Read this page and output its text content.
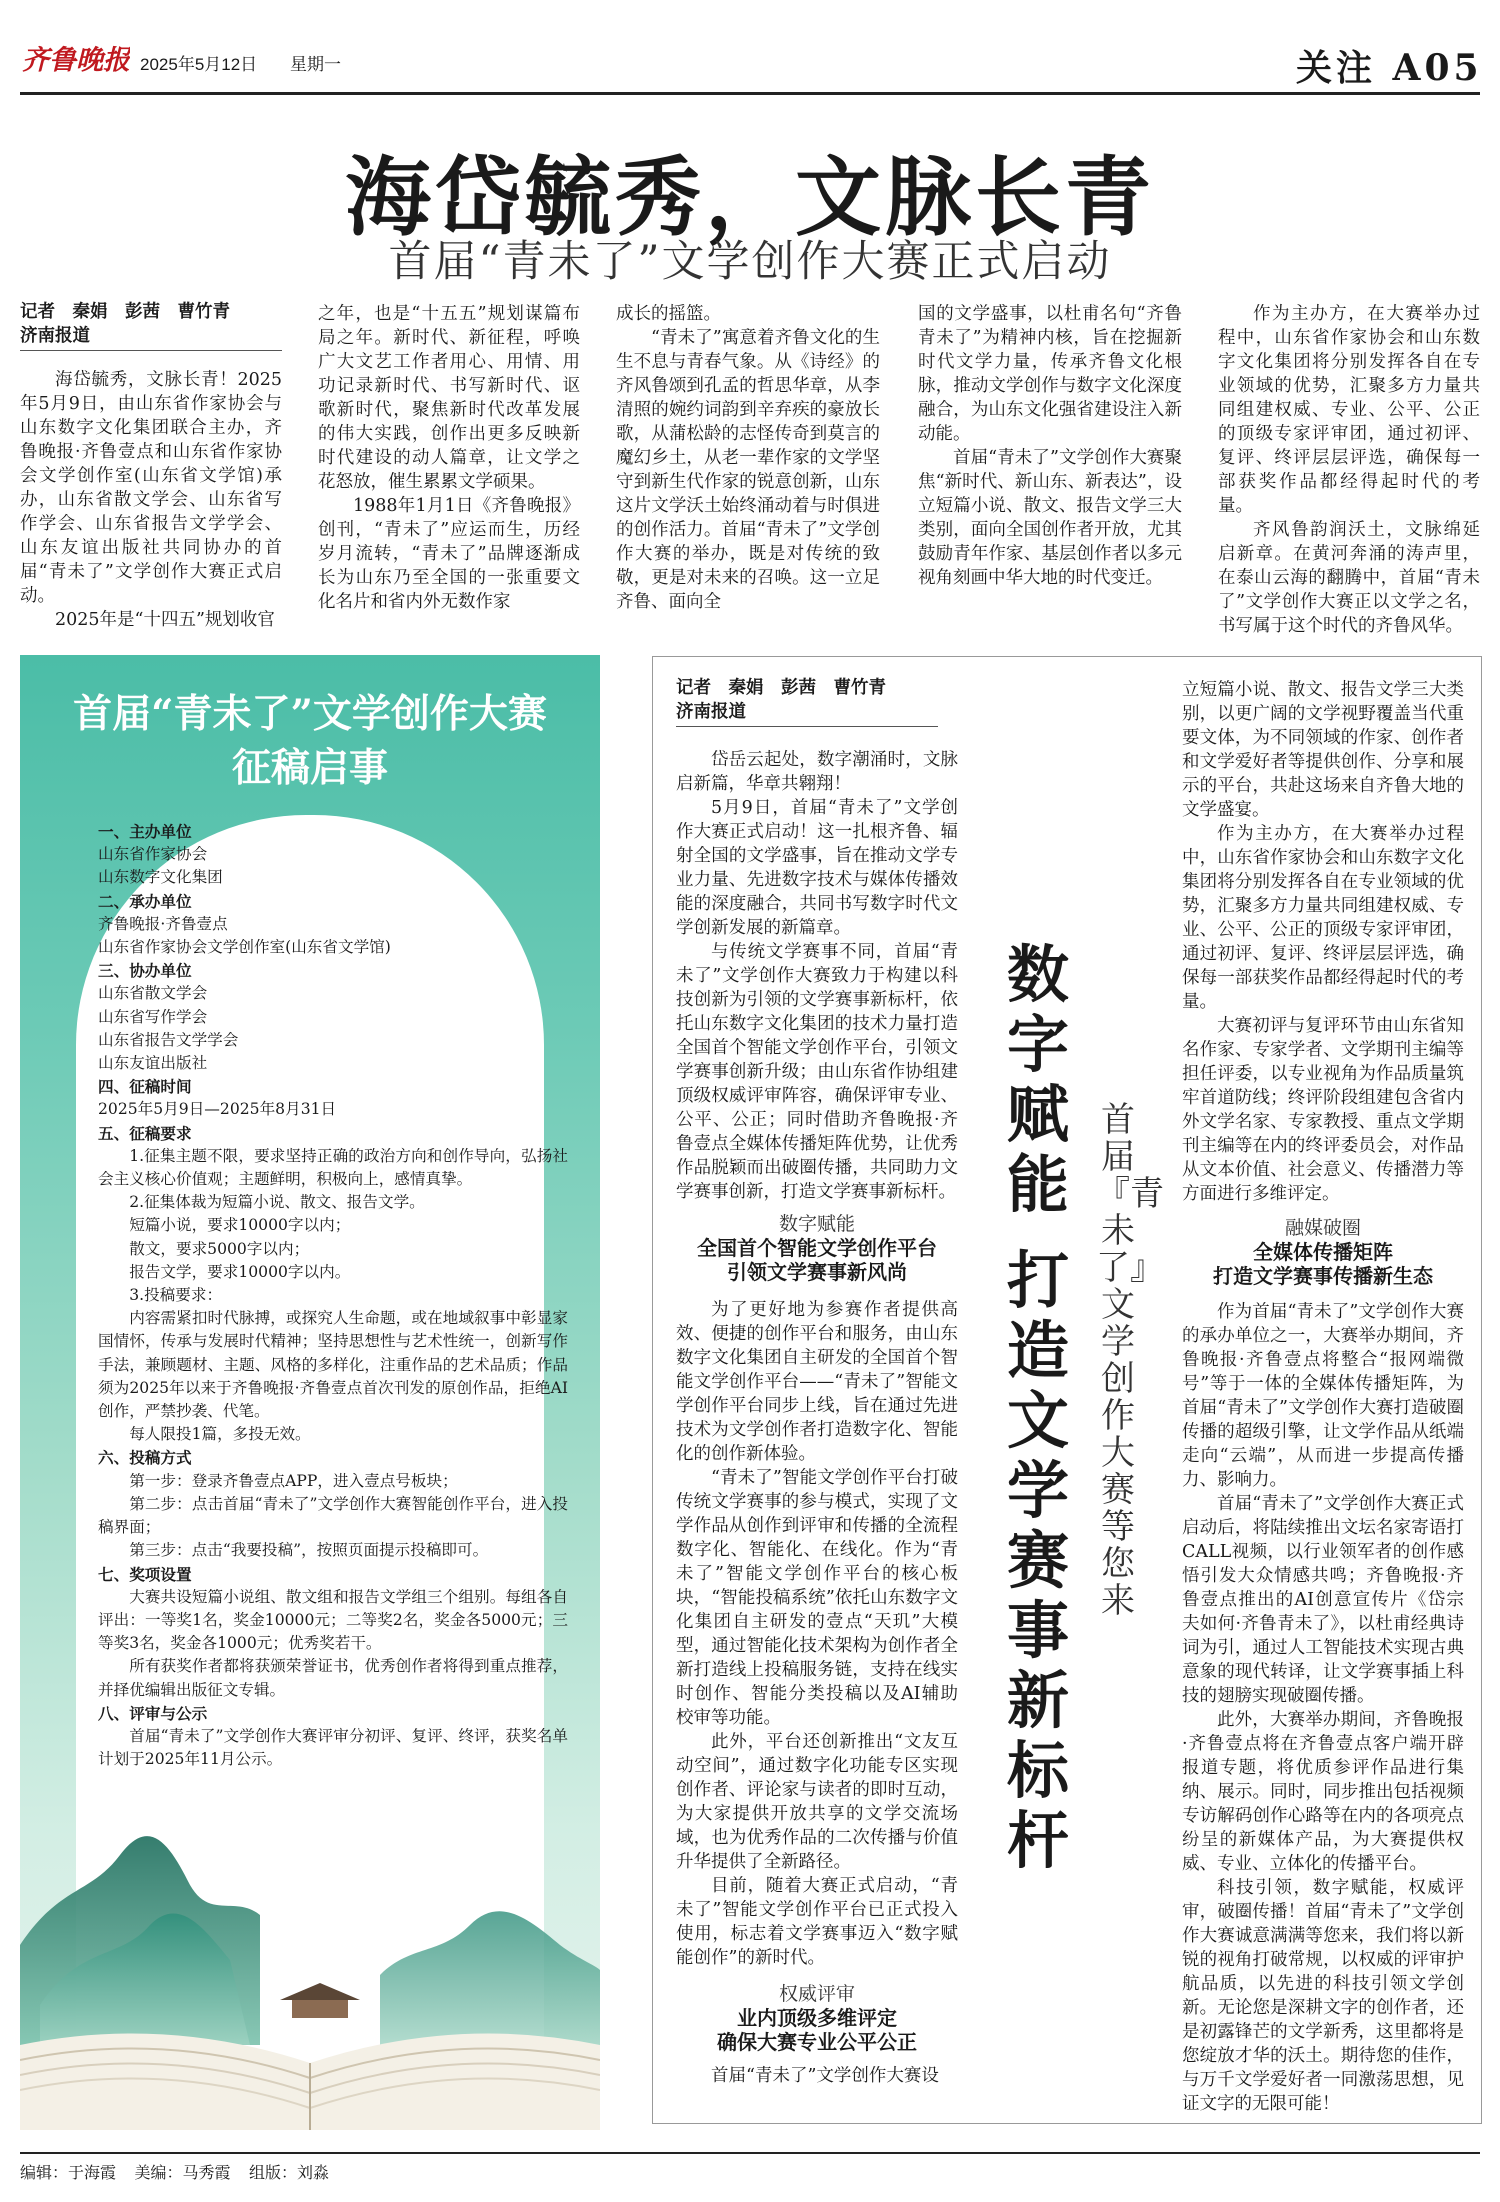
齐鲁晚报 2025年5月12日 星期一	关注 A05
海岱毓秀，文脉长青
首届“青未了”文学创作大赛正式启动
记者　秦娟　彭茜　曹竹青
济南报道

海岱毓秀，文脉长青！2025年5月9日，由山东省作家协会与山东数字文化集团联合主办，齐鲁晚报·齐鲁壹点和山东省作家协会文学创作室(山东省文学馆)承办，山东省散文学会、山东省写作学会、山东省报告文学学会、山东友谊出版社共同协办的首届“青未了”文学创作大赛正式启动。

2025年是“十四五”规划收官

之年，也是“十五五”规划谋篇布局之年。新时代、新征程，呼唤广大文艺工作者用心、用情、用功记录新时代、书写新时代、讴歌新时代，聚焦新时代改革发展的伟大实践，创作出更多反映新时代建设的动人篇章，让文学之花怒放，催生累累文学硕果。

1988年1月1日《齐鲁晚报》创刊，“青未了”应运而生，历经岁月流转，“青未了”品牌逐渐成长为山东乃至全国的一张重要文化名片和省内外无数作家

成长的摇篮。

“青未了”寓意着齐鲁文化的生生不息与青春气象。从《诗经》的齐风鲁颂到孔孟的哲思华章，从李清照的婉约词韵到辛弃疾的豪放长歌，从蒲松龄的志怪传奇到莫言的魔幻乡土，从老一辈作家的文学坚守到新生代作家的锐意创新，山东这片文学沃土始终涌动着与时俱进的创作活力。首届“青未了”文学创作大赛的举办，既是对传统的致敬，更是对未来的召唤。这一立足齐鲁、面向全

国的文学盛事，以杜甫名句“齐鲁青未了”为精神内核，旨在挖掘新时代文学力量，传承齐鲁文化根脉，推动文学创作与数字文化深度融合，为山东文化强省建设注入新动能。

首届“青未了”文学创作大赛聚焦“新时代、新山东、新表达”，设立短篇小说、散文、报告文学三大类别，面向全国创作者开放，尤其鼓励青年作家、基层创作者以多元视角刻画中华大地的时代变迁。

作为主办方，在大赛举办过程中，山东省作家协会和山东数字文化集团将分别发挥各自在专业领域的优势，汇聚多方力量共同组建权威、专业、公平、公正的顶级专家评审团，通过初评、复评、终评层层评选，确保每一部获奖作品都经得起时代的考量。

齐风鲁韵润沃土，文脉绵延启新章。在黄河奔涌的涛声里，在泰山云海的翻腾中，首届“青未了”文学创作大赛正以文学之名，书写属于这个时代的齐鲁风华。

首届“青未了”文学创作大赛
征稿启事
一、主办单位
山东省作家协会
山东数字文化集团
二、承办单位
齐鲁晚报·齐鲁壹点
山东省作家协会文学创作室(山东省文学馆)
三、协办单位
山东省散文学会
山东省写作学会
山东省报告文学学会
山东友谊出版社
四、征稿时间
2025年5月9日—2025年8月31日
五、征稿要求
1.征集主题不限，要求坚持正确的政治方向和创作导向，弘扬社会主义核心价值观；主题鲜明，积极向上，感情真挚。
2.征集体裁为短篇小说、散文、报告文学。
短篇小说，要求10000字以内；
散文，要求5000字以内；
报告文学，要求10000字以内。
3.投稿要求：
内容需紧扣时代脉搏，或探究人生命题，或在地域叙事中彰显家国情怀，传承与发展时代精神；坚持思想性与艺术性统一，创新写作手法，兼顾题材、主题、风格的多样化，注重作品的艺术品质；作品须为2025年以来于齐鲁晚报·齐鲁壹点首次刊发的原创作品，拒绝AI创作，严禁抄袭、代笔。
每人限投1篇，多投无效。
六、投稿方式
第一步：登录齐鲁壹点APP，进入壹点号板块；
第二步：点击首届“青未了”文学创作大赛智能创作平台，进入投稿界面；
第三步：点击“我要投稿”，按照页面提示投稿即可。
七、奖项设置
大赛共设短篇小说组、散文组和报告文学组三个组别。每组各自评出：一等奖1名，奖金10000元；二等奖2名，奖金各5000元；三等奖3名，奖金各1000元；优秀奖若干。
所有获奖作者都将获颁荣誉证书，优秀创作者将得到重点推荐，并择优编辑出版征文专辑。
八、评审与公示
首届“青未了”文学创作大赛评审分初评、复评、终评，获奖名单计划于2025年11月公示。
记者　秦娟　彭茜　曹竹青
济南报道

岱岳云起处，数字潮涌时，文脉启新篇，华章共翱翔！

5月9日，首届“青未了”文学创作大赛正式启动！这一扎根齐鲁、辐射全国的文学盛事，旨在推动文学专业力量、先进数字技术与媒体传播效能的深度融合，共同书写数字时代文学创新发展的新篇章。

与传统文学赛事不同，首届“青未了”文学创作大赛致力于构建以科技创新为引领的文学赛事新标杆，依托山东数字文化集团的技术力量打造全国首个智能文学创作平台，引领文学赛事创新升级；由山东省作协组建顶级权威评审阵容，确保评审专业、公平、公正；同时借助齐鲁晚报·齐鲁壹点全媒体传播矩阵优势，让优秀作品脱颖而出破圈传播，共同助力文学赛事创新，打造文学赛事新标杆。

数字赋能
全国首个智能文学创作平台
引领文学赛事新风尚

为了更好地为参赛作者提供高效、便捷的创作平台和服务，由山东数字文化集团自主研发的全国首个智能文学创作平台——“青未了”智能文学创作平台同步上线，旨在通过先进技术为文学创作者打造数字化、智能化的创作新体验。

“青未了”智能文学创作平台打破传统文学赛事的参与模式，实现了文学作品从创作到评审和传播的全流程数字化、智能化、在线化。作为“青未了”智能文学创作平台的核心板块，“智能投稿系统”依托山东数字文化集团自主研发的壹点“天玑”大模型，通过智能化技术架构为创作者全新打造线上投稿服务链，支持在线实时创作、智能分类投稿以及AI辅助校审等功能。

此外，平台还创新推出“文友互动空间”，通过数字化功能专区实现创作者、评论家与读者的即时互动，为大家提供开放共享的文学交流场域，也为优秀作品的二次传播与价值升华提供了全新路径。

目前，随着大赛正式启动，“青未了”智能文学创作平台已正式投入使用，标志着文学赛事迈入“数字赋能创作”的新时代。

权威评审
业内顶级多维评定
确保大赛专业公平公正

首届“青未了”文学创作大赛设

数字赋能
打造文学赛事新标杆
首届『青未了』文学创作大赛等您来
立短篇小说、散文、报告文学三大类别，以更广阔的文学视野覆盖当代重要文体，为不同领域的作家、创作者和文学爱好者等提供创作、分享和展示的平台，共赴这场来自齐鲁大地的文学盛宴。

作为主办方，在大赛举办过程中，山东省作家协会和山东数字文化集团将分别发挥各自在专业领域的优势，汇聚多方力量共同组建权威、专业、公平、公正的顶级专家评审团，通过初评、复评、终评层层评选，确保每一部获奖作品都经得起时代的考量。

大赛初评与复评环节由山东省知名作家、专家学者、文学期刊主编等担任评委，以专业视角为作品质量筑牢首道防线；终评阶段组建包含省内外文学名家、专家教授、重点文学期刊主编等在内的终评委员会，对作品从文本价值、社会意义、传播潜力等方面进行多维评定。

融媒破圈
全媒体传播矩阵
打造文学赛事传播新生态

作为首届“青未了”文学创作大赛的承办单位之一，大赛举办期间，齐鲁晚报·齐鲁壹点将整合“报网端微号”等于一体的全媒体传播矩阵，为首届“青未了”文学创作大赛打造破圈传播的超级引擎，让文学作品从纸端走向“云端”，从而进一步提高传播力、影响力。

首届“青未了”文学创作大赛正式启动后，将陆续推出文坛名家寄语打CALL视频，以行业领军者的创作感悟引发大众情感共鸣；齐鲁晚报·齐鲁壹点推出的AI创意宣传片《岱宗夫如何·齐鲁青未了》，以杜甫经典诗词为引，通过人工智能技术实现古典意象的现代转译，让文学赛事插上科技的翅膀实现破圈传播。

此外，大赛举办期间，齐鲁晚报·齐鲁壹点将在齐鲁壹点客户端开辟报道专题，将优质参评作品进行集纳、展示。同时，同步推出包括视频专访解码创作心路等在内的各项亮点纷呈的新媒体产品，为大赛提供权威、专业、立体化的传播平台。

科技引领，数字赋能，权威评审，破圈传播！首届“青未了”文学创作大赛诚意满满等您来，我们将以新锐的视角打破常规，以权威的评审护航品质，以先进的科技引领文学创新。无论您是深耕文字的创作者，还是初露锋芒的文学新秀，这里都将是您绽放才华的沃土。期待您的佳作，与万千文学爱好者一同激荡思想，见证文字的无限可能！

编辑：于海霞 美编：马秀霞 组版：刘淼
